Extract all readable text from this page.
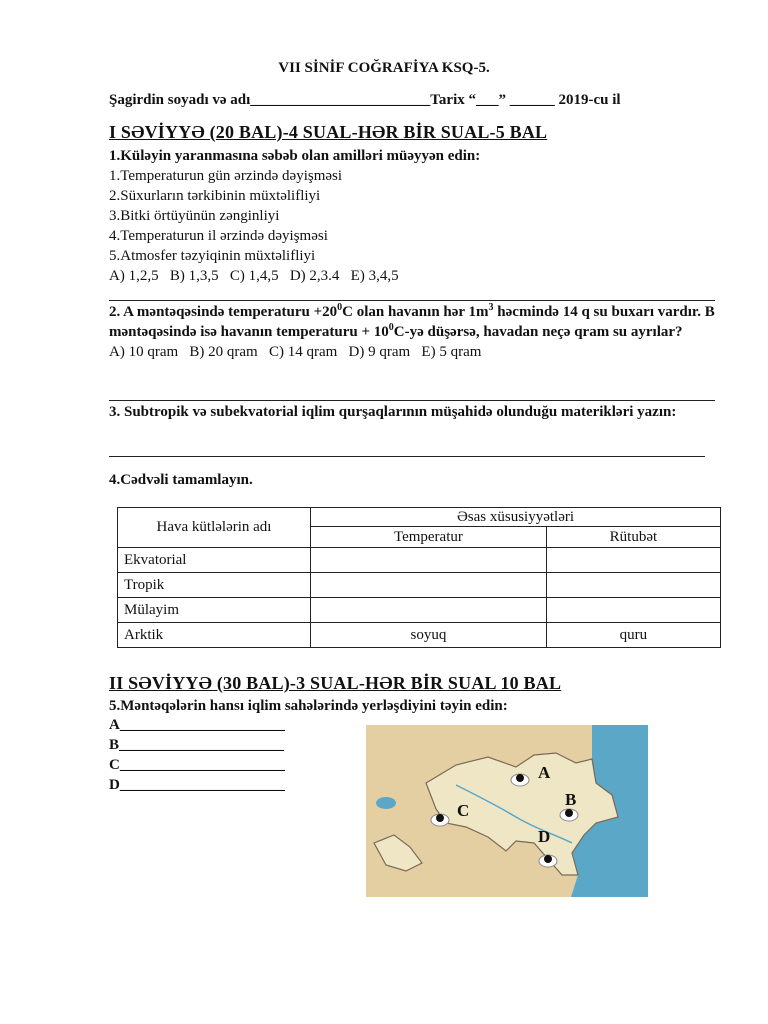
VII SİNİF COĞRAFİYA KSQ-5.
Şagirdin soyadı və adı________________________Tarix “___” ______ 2019-cu il
I SƏVİYYƏ (20 BAL)-4 SUAL-HƏR BİR SUAL-5 BAL
1.Küləyin yaranmasına səbəb olan amilləri müəyyən edin:
1.Temperaturun gün ərzində dəyişməsi
2.Süxurların tərkibinin müxtəlifliyi
3.Bitki örtüyünün zənginliyi
4.Temperaturun il ərzində dəyişməsi
5.Atmosfer təzyiqinin müxtəlifliyi
A) 1,2,5   B) 1,3,5   C) 1,4,5   D) 2,3.4   E) 3,4,5
2. A məntəqəsində temperaturu $+20^0C$ olan havanın hər $1m^3$ həcmində 14 q su buxarı vardır. B məntəqəsində isə havanın temperaturu + $10^0C-yə$ düşərsə, havadan neçə qram su ayrılar?
A) 10 qram   B) 20 qram   C) 14 qram   D) 9 qram   E) 5 qram
3. Subtropik və subekvatorial iqlim qurşaqlarının müşahidə olunduğu materikləri yazın:
4.Cədvəli tamamlayın.
Hava kütlələrin adı	Əsas xüsusiyyətləri	
	Temperatur	Rütubət
Ekvatorial		
Tropik		
Mülayim		
Arktik	soyuq	quru
II SƏVİYYƏ (30 BAL)-3 SUAL-HƏR BİR SUAL 10 BAL
5.Məntəqələrin hansı iqlim sahələrində yerləşdiyini təyin edin:
A______________________
B______________________
C______________________
D______________________
A
B
C
D
